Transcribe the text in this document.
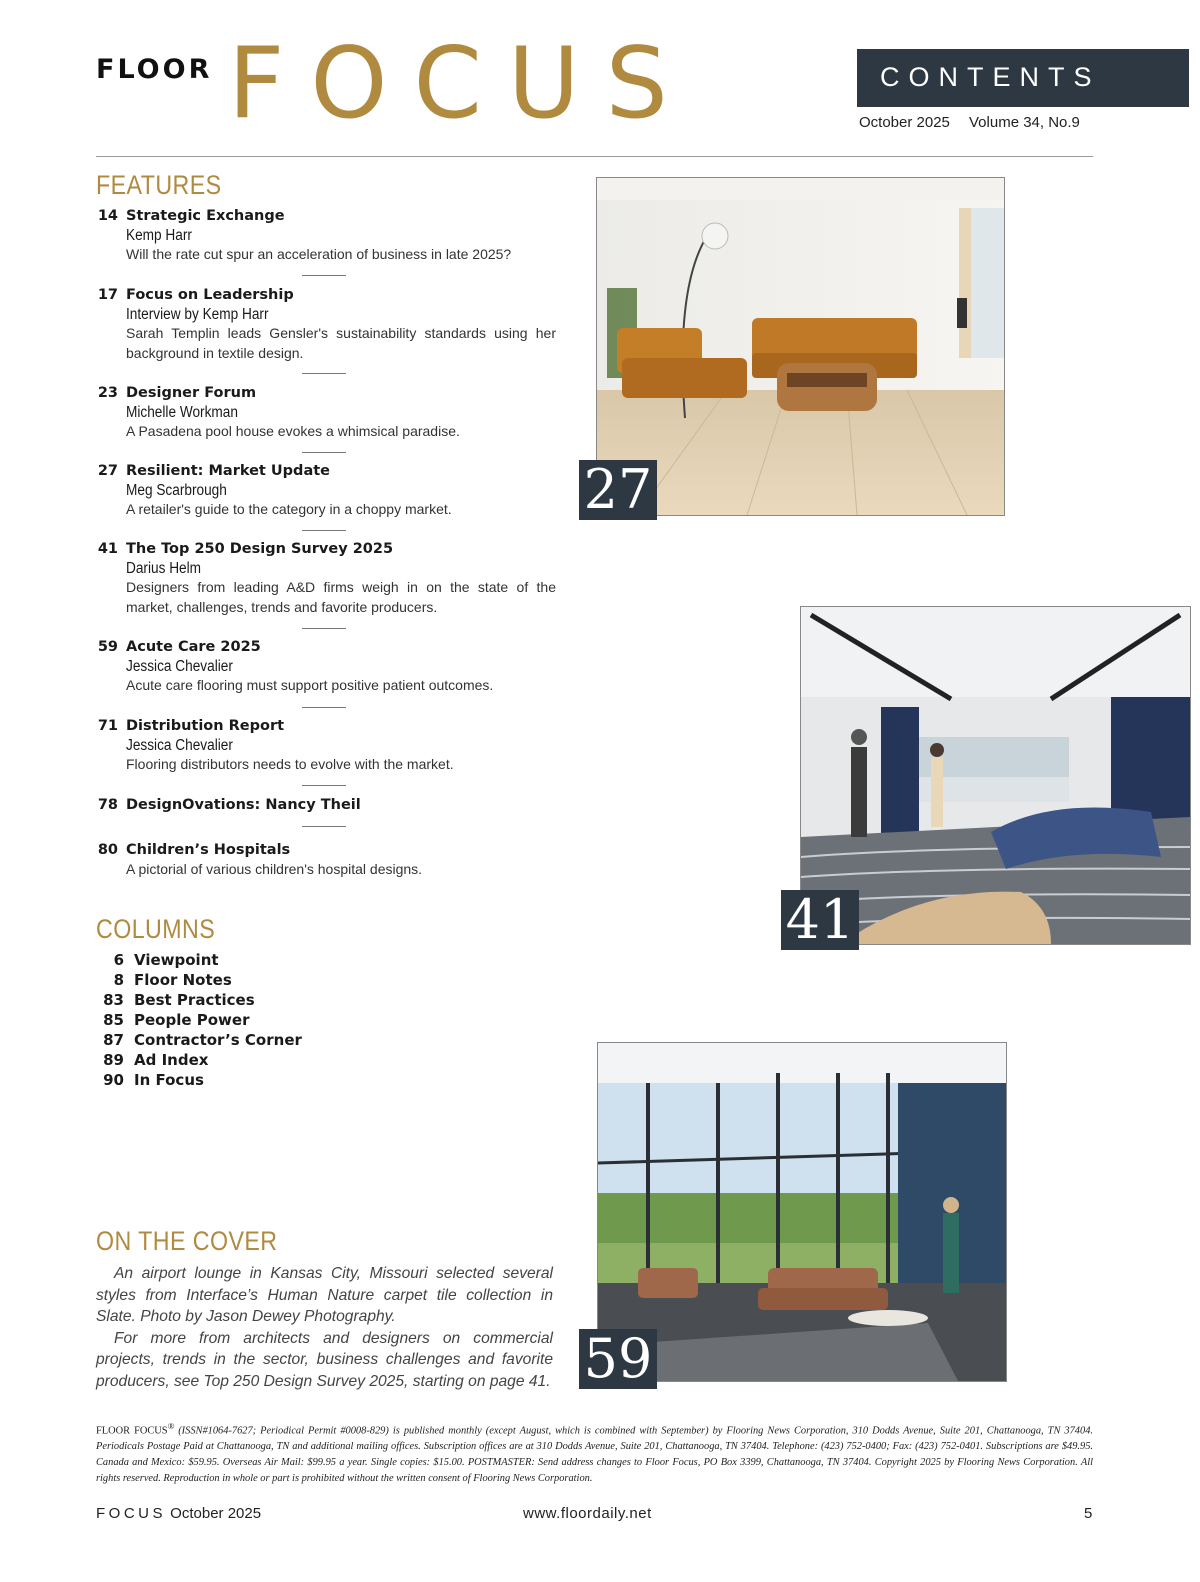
FLOOR FOCUS	CONTENTS
October 2025 Volume 34, No.9
FEATURES
14 Strategic Exchange
Kemp Harr
Will the rate cut spur an acceleration of business in late 2025?
17 Focus on Leadership
Interview by Kemp Harr
Sarah Templin leads Gensler's sustainability standards using her background in textile design.
23 Designer Forum
Michelle Workman
A Pasadena pool house evokes a whimsical paradise.
27 Resilient: Market Update
Meg Scarbrough
A retailer's guide to the category in a choppy market.
41 The Top 250 Design Survey 2025
Darius Helm
Designers from leading A&D firms weigh in on the state of the market, challenges, trends and favorite producers.
59 Acute Care 2025
Jessica Chevalier
Acute care flooring must support positive patient outcomes.
71 Distribution Report
Jessica Chevalier
Flooring distributors needs to evolve with the market.
78 DesignOvations: Nancy Theil
80 Children’s Hospitals
A pictorial of various children's hospital designs.
COLUMNS
6 Viewpoint
8 Floor Notes
83 Best Practices
85 People Power
87 Contractor’s Corner
89 Ad Index
90 In Focus
ON THE COVER

An airport lounge in Kansas City, Missouri selected several styles from Interface’s Human Nature carpet tile collection in Slate. Photo by Jason Dewey Photography.

For more from architects and designers on commercial projects, trends in the sector, business challenges and favorite producers, see Top 250 Design Survey 2025, starting on page 41.

27
41
59
FLOOR FOCUS® (ISSN#1064-7627; Periodical Permit #0008-829) is published monthly (except August, which is combined with September) by Flooring News Corporation, 310 Dodds Avenue, Suite 201, Chattanooga, TN 37404. Periodicals Postage Paid at Chattanooga, TN and additional mailing offices. Subscription offices are at 310 Dodds Avenue, Suite 201, Chattanooga, TN 37404. Telephone: (423) 752-0400; Fax: (423) 752-0401. Subscriptions are $49.95. Canada and Mexico: $59.95. Overseas Air Mail: $99.95 a year. Single copies: $15.00. POSTMASTER: Send address changes to Floor Focus, PO Box 3399, Chattanooga, TN 37404. Copyright 2025 by Flooring News Corporation. All rights reserved. Reproduction in whole or part is prohibited without the written consent of Flooring News Corporation.
FOCUS October 2025	www.floordaily.net	5
